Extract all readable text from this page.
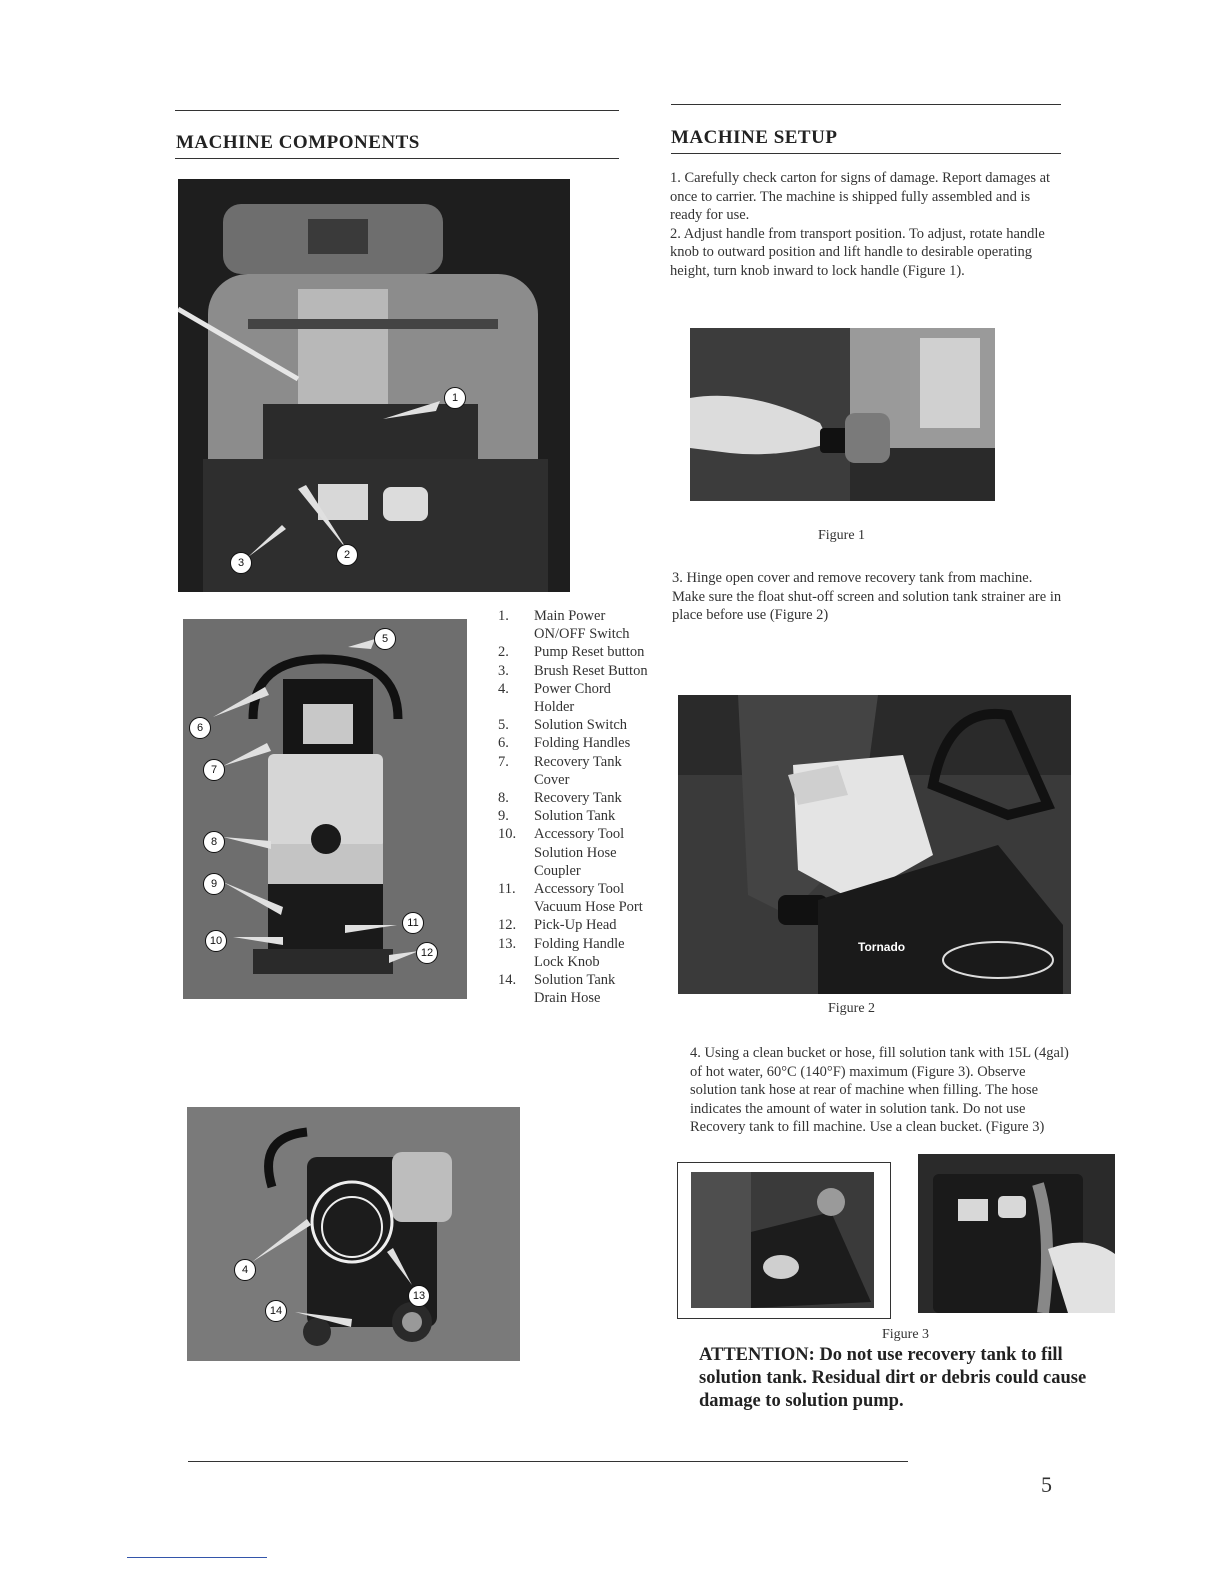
MACHINE COMPONENTS
1
2
3
5
6
7
8
9
10
11
12
1.	Main Power ON/OFF Switch
2.	Pump Reset button
3.	Brush Reset Button
4.	Power Chord Holder
5.	Solution Switch
6.	Folding Handles
7.	Recovery Tank Cover
8.	Recovery Tank
9.	Solution Tank
10.	Accessory Tool Solution Hose Coupler
11.	Accessory Tool Vacuum Hose Port
12.	Pick-Up Head
13.	Folding Handle Lock Knob
14.	Solution Tank Drain Hose
4
13
14
MACHINE SETUP

1. Carefully check carton for signs of damage. Report damages at once to carrier. The machine is shipped fully assembled and is ready for use.

2. Adjust handle from transport position. To adjust, rotate handle knob to outward position and lift handle to desirable operating height, turn knob inward to lock handle (Figure 1).

Figure 1
3. Hinge open cover and remove recovery tank from machine. Make sure the float shut-off screen and solution tank strainer are in place before use (Figure 2)
Tornado
Figure 2
4. Using a clean bucket or hose, fill solution tank with 15L (4gal) of hot water, 60°C (140°F) maximum (Figure 3). Observe solution tank hose at rear of machine when filling. The hose indicates the amount of water in solution tank. Do not use Recovery tank to fill machine. Use a clean bucket. (Figure 3)
Figure 3
ATTENTION: Do not use recovery tank to fill solution tank. Residual dirt or debris could cause damage to solution pump.
5
